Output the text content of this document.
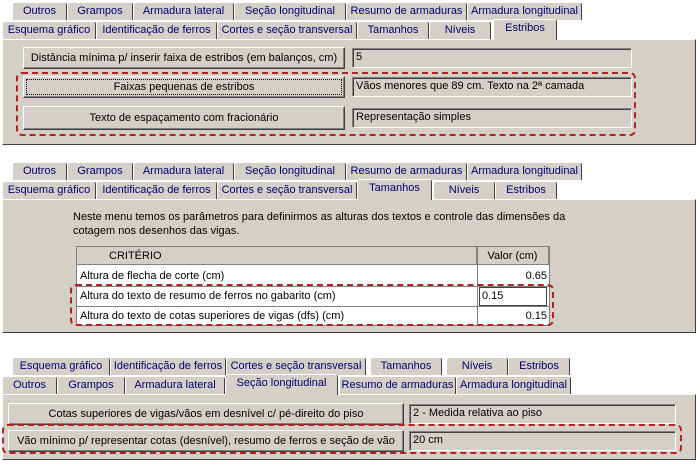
Outros	Grampos	Armadura lateral	Seção longitudinal	Resumo de armaduras Armadura longitudinal
Esquema gráfico	Identificação de ferros Cortes e seção transversal	Tamanhos	Níveis	Estribos
Distância mínima p/ inserir faixa de estribos (em balanços, cm)	5
Faixas pequenas de estribos	Vãos menores que 89 cm. Texto na 2ª camada
Texto de espaçamento com fracionário	Representação simples
Outros	Grampos	Armadura lateral	Seção longitudinal	Resumo de armaduras Armadura longitudinal
Esquema gráfico	Identificação de ferros Cortes e seção transversal	Tamanhos	Níveis	Estribos
Neste menu temos os parâmetros para definirmos as alturas dos textos e controle das dimensões da
cotagem nos desenhos das vigas.
CRITÉRIO	Valor (cm)
Altura de flecha de corte (cm)	0.65
Altura do texto de resumo de ferros no gabarito (cm)	0.15
Altura do texto de cotas superiores de vigas (dfs) (cm)	0.15
Esquema gráfico	Identificação de ferros Cortes e seção transversal	Tamanhos	Níveis	Estribos
Outros	Grampos	Armadura lateral	Seção longitudinal	Resumo de armaduras Armadura longitudinal
Cotas superiores de vigas/vãos em desnível c/ pé-direito do piso	2 - Medida relativa ao piso
Vão mínimo p/ representar cotas (desnível), resumo de ferros e seção de vão	20 cm
